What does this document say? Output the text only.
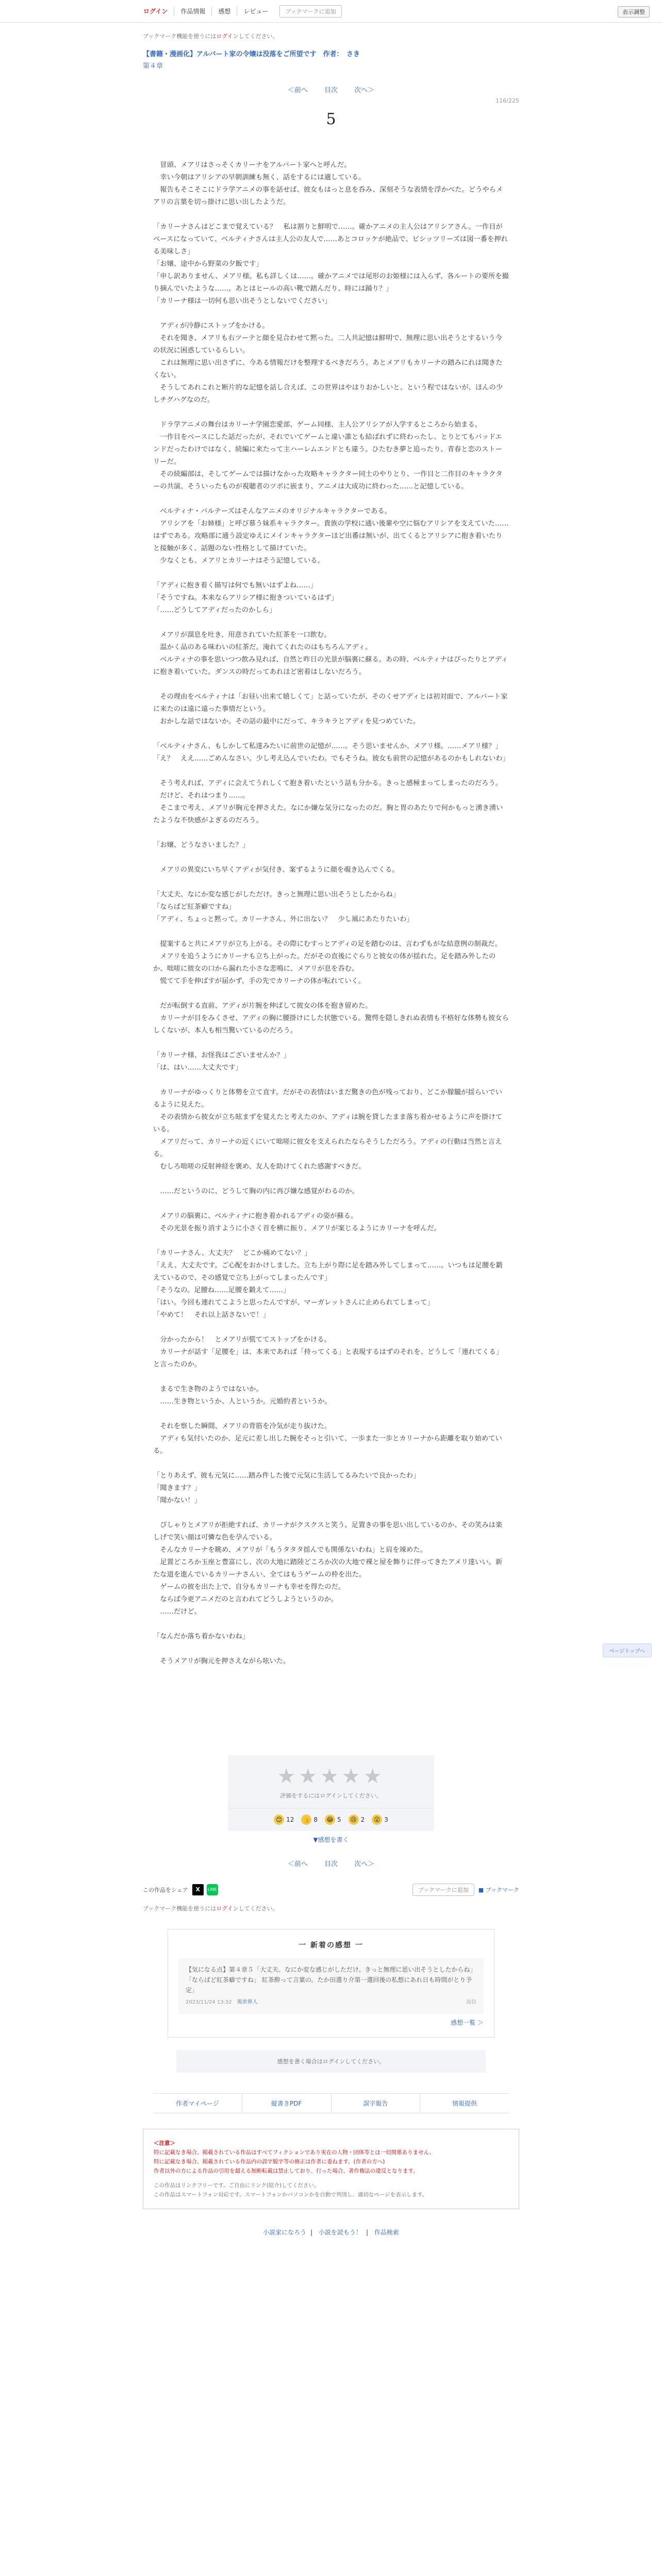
ログイン	作品情報	感想	レビュー	ブックマークに追加	表示調整
ブックマーク機能を使うにはログインしてください。
【書籍・漫画化】アルバート家の令嬢は没落をご所望です　作者：　さき
第４章
＜前へ 目次 次へ＞
116/225
5

　冒頭、メアリはさっそくカリーナをアルバート家へと呼んだ。

　幸い今朝はアリシアの早朝訓練も無く、話をするには適している。

　報告もそこそこにドラ学アニメの事を話せば、彼女もはっと息を呑み、深刻そうな表情を浮かべた。どうやらメアリの言葉を切っ掛けに思い出したようだ。

「カリーナさんはどこまで覚えている？　私は割りと鮮明で……。確かアニメの主人公はアリシアさん。一作目がベースになっていて、ベルティナさんは主人公の友人で……あとコロッケが絶品で、ビシッツリーズは図一番を押れる美味しさ」

「お嬢、途中から野菜の夕飯です」

「申し訳ありません、メアリ様。私も詳しくは……。確かアニメでは尾形のお姫様には入らず、各ルートの要所を撮り摘んでいたような……。あとはヒールの高い靴で踏んだり、時には踊り？」

「カリーナ様は一切何も思い出そうとしないでください」

　アディが冷静にストップをかける。

　それを聞き、メアリも右ツーテと顔を見合わせて黙った。二人共記憶は鮮明で、無理に思い出そうとするいう今の状況に困惑しているらしい。

　これは無理に思い出さずに、今ある情報だけを整理するべきだろう。あとメアリもカリーナの踏みにれは聞きたくない。

　そうしてあれこれと断片的な記憶を話し合えば、この世界はやはりおかしいと、という程ではないが、ほんの少しチグハグなのだ。

　ドラ学アニメの舞台はカリーナ学園恋愛部、ゲーム同様、主人公アリシアが入学するところから始まる。

　一作目をベースにした話だったが、それでいてゲームと違い誰とも結ばれずに終わったし、とりとてもバッドエンドだったわけではなく、続編に来たって主ハーレムエンドとも違う。ひたむき夢と追ったり、青春と恋のストーリーだ。

　その続編部は、そしてゲームでは描けなかった攻略キャラクター同士のやりとり、一作目と二作目のキャラクターの共演、そういったものが視聴者のツボに嵌まり、アニメは大成功に終わった……と記憶している。

　ベルティナ・バルテーズはそんなアニメのオリジナルキャラクターである。

　アリシアを「お姉様」と呼び慕う妹系キャラクター。貴族の学校に通い後輩や空に悩むアリシアを支えていた……はずである。攻略部に通う設定ゆえにメインキャラクターほど出番は無いが、出てくるとアリシアに抱き着いたりと接触が多く、話題のない性格として描けていた。

　少なくとも、メアリとカリーナはそう記憶している。

「アディに抱き着く描写は何でも無いはずよね……」

「そうですね。本来ならアリシア様に抱きついているはず」

「……どうしてアディだったのかしら」

　メアリが溜息を吐き、用意されていた紅茶を一口飲む。

　温かく品のある味わいの紅茶だ。淹れてくれたのはもちろんアディ。

　ベルティナの事を思いつつ飲み見れば、自然と昨日の光景が脳裏に蘇る。あの時、ベルティナはぴったりとアディに抱き着いていた。ダンスの時だってあれほど密着はしないだろう。

　その理由をベルティナは「お昼い出来て嬉しくて」と話っていたが、そのくせアディとは初対面で、アルバート家に来たのは遠に遠った事情だという。

　おかしな話ではないか。その話の最中にだって、キラキラとアディを見つめていた。

「ベルティナさん、もしかして私達みたいに前世の記憶が……。そう思いませんか、メアリ様。……メアリ様？」

「え？　ええ……ごめんなさい。少し考え込んでいたわ。でもそうね。彼女も前世の記憶があるのかもしれないわ」

　そう考えれば、アディに会えてうれしくて抱き着いたという話も分かる。きっと感極まってしまったのだろう。

　だけど、それはつまり……。

　そこまで考え、メアリが胸元を押さえた。なにか嫌な気分になったのだ。胸と胃のあたりで何かもっと湧き湧いたような不快感がよぎるのだろう。

「お嬢、どうなさいました？」

　メアリの異変にいち早くアディが気付き、案ずるように顔を覗き込んでくる。

「大丈夫、なにか変な感じがしただけ。きっと無理に思い出そうとしたからね」

「ならばど紅茶癖ですね」

「アディ、ちょっと黙って。カリーナさん、外に出ない？　少し風にあたりたいわ」

　提案すると共にメアリが立ち上がる。その際にむすっとアディの足を踏むのは、言わずもがな結意例の制裁だ。

　メアリを追うようにカリーナも立ち上がった。だがその直後にぐらりと彼女の体が揺れた。足を踏み外したのか、咄嗟に彼女の口から漏れた小さな悲鳴に、メアリが息を呑む。

　慌てて手を伸ばすが届かず、手の先でカリーナの体が転れていく。

　だが転倒する直前、アディが片腕を伸ばして彼女の体を抱き留めた。

　カリーナが目をみくさせ、アディの胸に腰掛けにした状態でいる。驚愕を隠しきれぬ表情も不格好な体勢も彼女らしくないが、本人も相当驚いているのだろう。

「カリーナ様、お怪我はございませんか？」

「は、はい……大丈夫です」

　カリーナがゆっくりと体勢を立て直す。だがその表情はいまだ驚きの色が残っており、どこか朦朧が揺らいでいるように見えた。

　その表情から彼女が立ち眩まずを覚えたと考えたのか、アディは腕を貸したまま落ち着かせるように声を掛けている。

　メアリだって、カリーナの近くにいて咄嗟に彼女を支えられたならそうしただろう。アディの行動は当然と言える。

　むしろ咄嗟の反射神経を褒め、友人を助けてくれた感謝すべきだ。

　……だというのに、どうして胸の内に再び嫌な感覚がわるのか。

　メアリの脳裏に、ベルティナに抱き着かれるアディの姿が蘇る。

　その光景を振り消すように小さく首を横に振り、メアリが案じるようにカリーナを呼んだ。

「カリーナさん、大丈夫？　どこか痛めてない？」

「ええ、大丈夫です。ご心配をおかけしました。立ち上がり際に足を踏み外してしまって……。いつもは足腰を鍛えているので、その感覚で立ち上がってしまったんです」

「そうなの。足腰ね……足腰を鍛えて……」

「はい。今回も連れてこようと思ったんですが、マーガレットさんに止められてしまって」

「やめて！　それ以上話さないで！」

　分かったから！　とメアリが慌ててストップをかける。

　カリーナが話す「足腰を」は、本来であれば「持ってくる」と表現するはずのそれを、どうして「連れてくる」と言ったのか。

　まるで生き物のようではないか。

　……生き物というか、人というか。元婚約者というか。

　それを察した瞬間、メアリの背筋を冷気が走り抜けた。

　アディも気付いたのか、足元に差し出した腕をそっと引いて、一歩また一歩とカリーナから距離を取り始めている。

「とりあえず、彼も元気に……踏み件した後で元気に生活してるみたいで良かったわ」

「聞きます？」

「聞かない！」

　ぴしゃりとメアリが拒絶すれば、カリーナがクスクスと笑う。足置きの事を思い出しているのか、その笑みは楽しげで笑い顔は可憐な色を孕んでいる。

　そんなカリーナを眺め、メアリが「もうタタタ揺んでも関係ないわね」と肩を竦めた。

　足置どころか玉座と豊富にし、次の大地に踏陸どころか次の大地で裸と屋を飾りに伴ってきたアメリ達いい。新たな道を進んでいるカリーナさんい、全てはもうゲームの枠を出た。

　ゲームの彼を出た上で、自分もカリーナも幸せを得たのだ。

　ならば今更アニメだのと言われてどうしようというのか。

　……だけど。

「なんだか落ち着かないわね」

　そうメアリが胸元を押さえながら呟いた。

★★★★★
評価をするにはログインしてください。
😊 12 👍 8 😂 5	😢 2	😮 3
▼感想を書く
＜前へ 目次 次へ＞
この作品をシェア	X	LINE	ブックマークに追加	■ ブックマーク
ブックマーク機能を使うにはログインしてください。
一 新着の感想 一
【気になる点】第４章５「大丈夫、なにか変な感じがしただけ。きっと無理に思い出そうとしたからね」「ならばど紅茶癖ですね」 紅茶酔って言葉の。たか田選り介第一選回後の私想にあれ日も時間がとり予定」
2023/11/24 13:32　 異世界人	返信
感想一覧 ＞
感想を書く場合はログインしてください。
作者マイページ	縦書きPDF	誤字報告	情報提供
＜注意＞
特に記載なき場合、掲載されている作品はすべてフィクションであり実在の人物・団体等とは一切関係ありません。
特に記載なき場合、掲載されている作品内の誤字脱字等の修正は作者に委ねます。(作者の方へ)
作者以外の方による作品の引用を超える無断転載は禁止しており、行った場合、著作権法の違反となります。
この作品はリンクフリーです。ご自由にリンク(紹介)してください。
この作品はスマートフォン対応です。スマートフォンかパソコンかを自動で判別し、適切なページを表示します。
小説家になろう | 小説を読もう！ | 作品検索
ページトップへ
